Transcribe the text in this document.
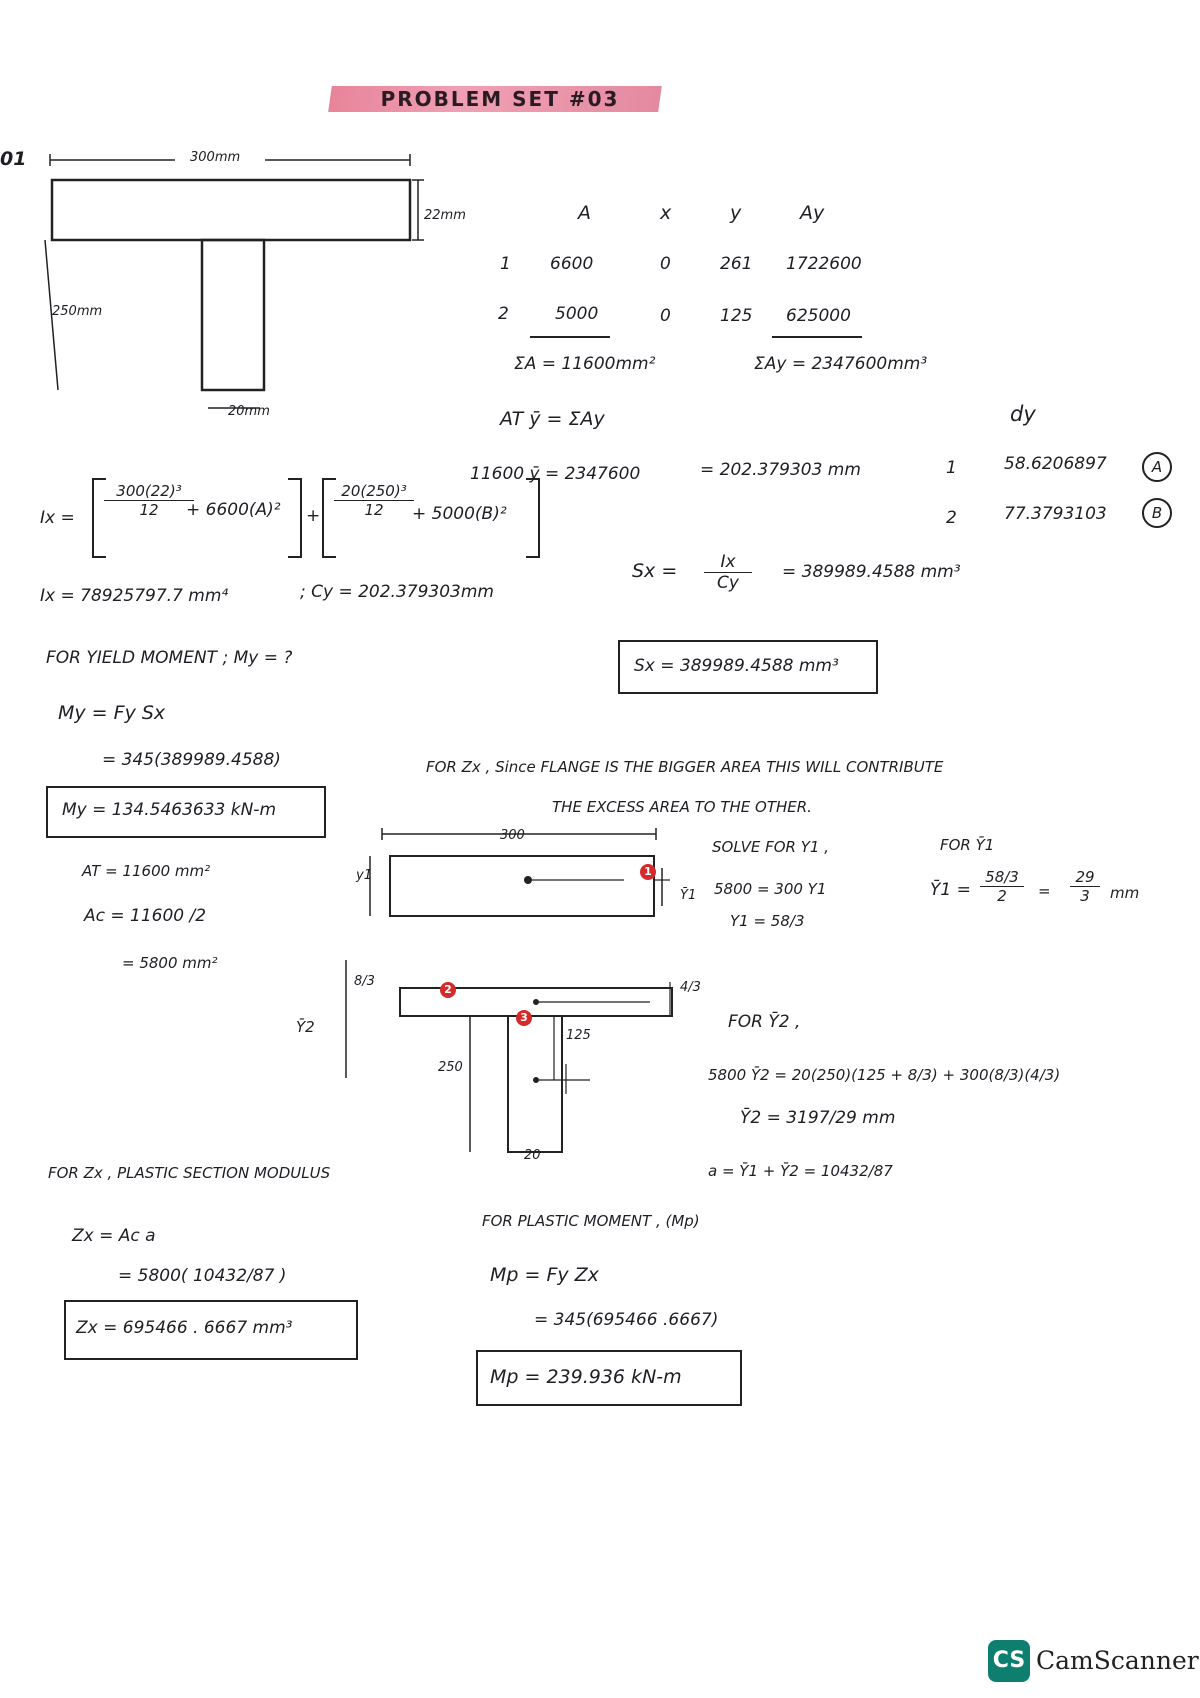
PROBLEM SET #03
01	300mm
22mm
250mm
20mm
A	x	y	Ay
1 6600	0	261 1722600
2	5000	0	125 625000
ΣA = 11600mm²	ΣAy = 2347600mm³
AT ȳ = ΣAy
11600 ȳ = 2347600	= 202.379303 mm
dy
1	58.6206897	A
2	77.3793103	B
$Ix = \frac{\text{300(22)³}}{12}$
+ $6600(A)^2 + \frac{\text{20(250)³}}{12}$
+ 5000(B)²
Ix = 78925797.7 mm⁴	; Cy = 202.379303mm
$Sx = \frac{Ix}{Cy} = 389989.4588$ mm³
Sx = 389989.4588 mm³
FOR YIELD MOMENT ; My = ?
My = Fy Sx
= 345(389989.4588)
My = 134.5463633 kN-m
FOR Zx , Since FLANGE IS THE BIGGER AREA THIS WILL CONTRIBUTE
THE EXCESS AREA TO THE OTHER.
AT = 11600 mm²
Ac = 11600 /2
= 5800 mm²
300
y1	1
Ȳ1
SOLVE FOR Y1 ,
5800 = 300 Y1
Y1 = 58/3
FOR Ȳ1
Ȳ1 = $\frac{58/3}{2} = \frac{29}{3}$ mm
8/3
Ȳ2
4/3
125
250
20
2
3	FOR Ȳ2 ,
5800 Ȳ2 = 20(250)(125 + 8/3) + 300(8/3)(4/3)
Ȳ2 = 3197/29 mm
a = Ȳ1 + Ȳ2 = 10432/87
FOR Zx , PLASTIC SECTION MODULUS
Zx = Ac a
= 5800( 10432/87 )
Zx = 695466 . 6667 mm³
FOR PLASTIC MOMENT , (Mp)
Mp = Fy Zx
= 345(695466 .6667)
Mp = 239.936 kN-m
CS CamScanner
